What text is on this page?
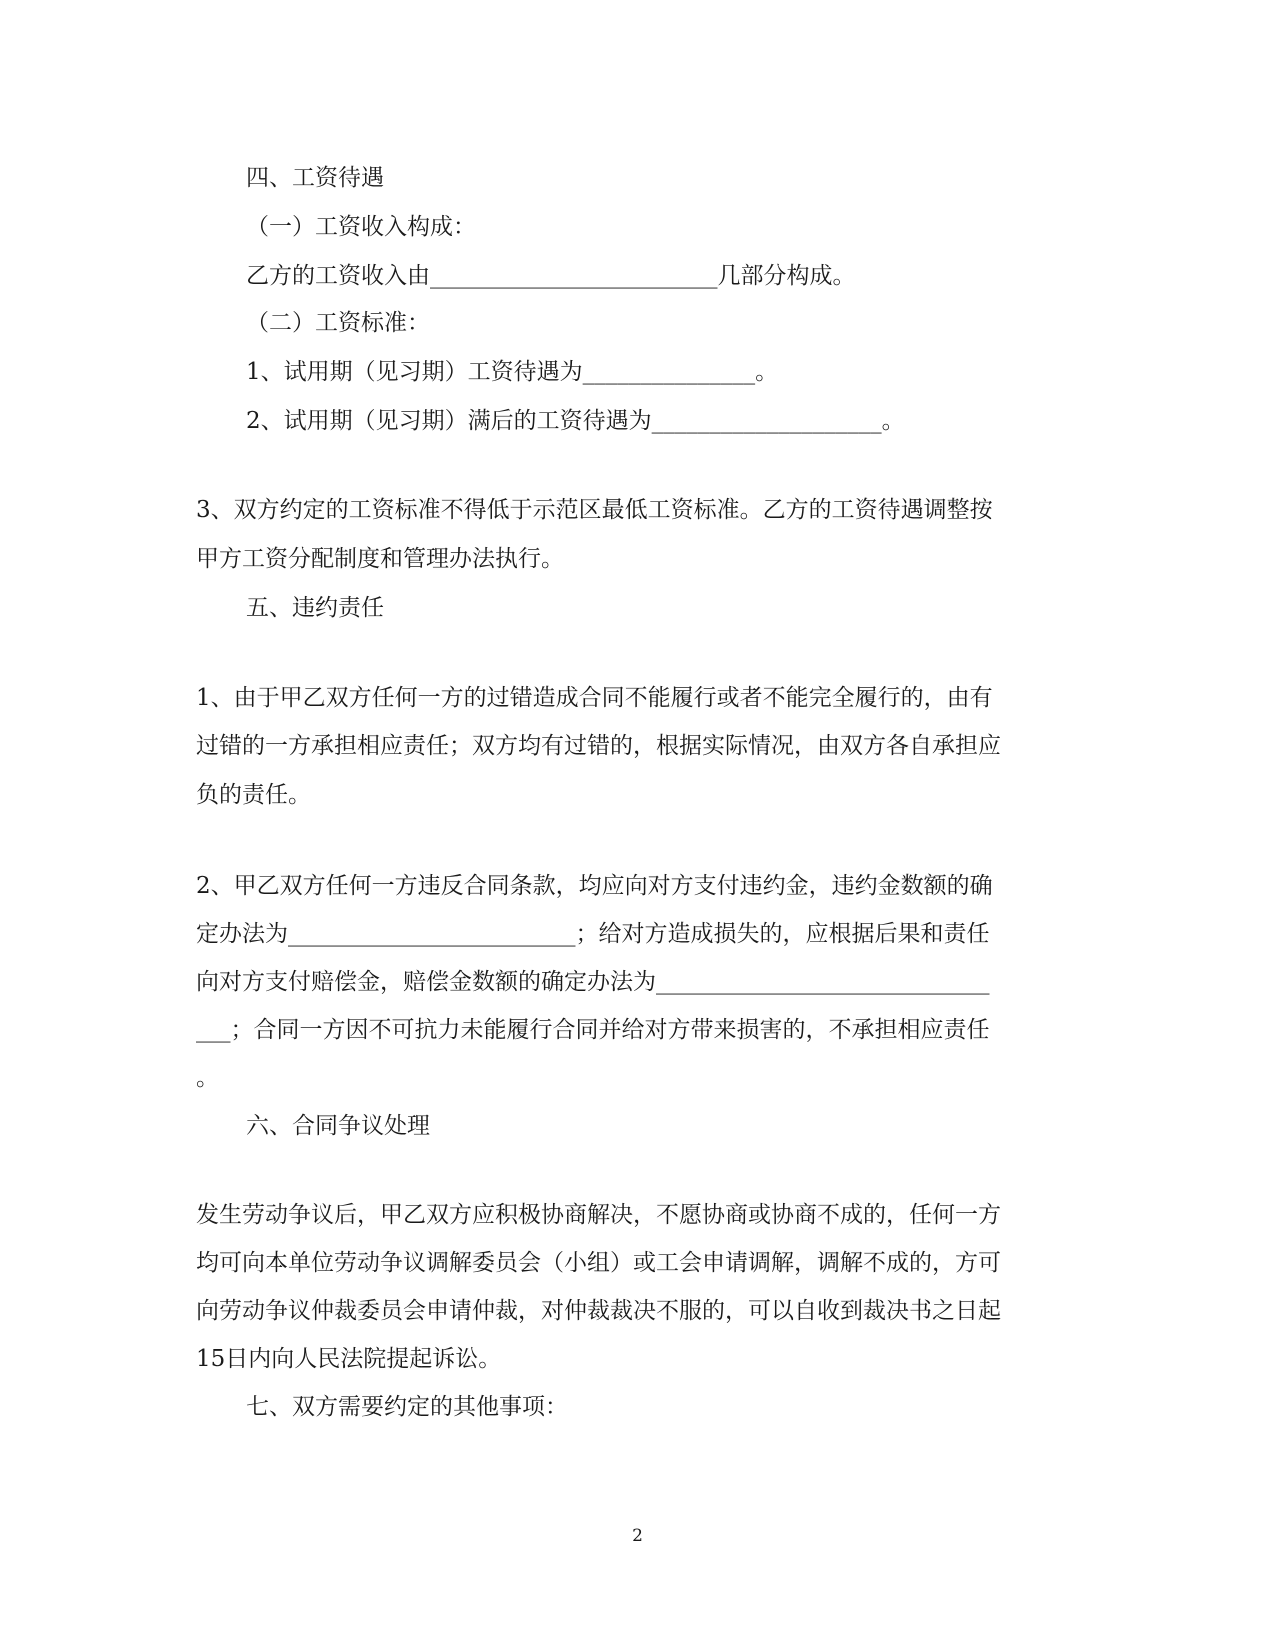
四、工资待遇
（一）工资收入构成：
乙方的工资收入由_________________________几部分构成。
（二）工资标准：
1、试用期（见习期）工资待遇为_______________。
2、试用期（见习期）满后的工资待遇为____________________。
3、双方约定的工资标准不得低于示范区最低工资标准。乙方的工资待遇调整按
甲方工资分配制度和管理办法执行。
五、违约责任
1、由于甲乙双方任何一方的过错造成合同不能履行或者不能完全履行的，由有
过错的一方承担相应责任；双方均有过错的，根据实际情况，由双方各自承担应
负的责任。
2、甲乙双方任何一方违反合同条款，均应向对方支付违约金，违约金数额的确
定办法为_________________________；给对方造成损失的，应根据后果和责任
向对方支付赔偿金，赔偿金数额的确定办法为_____________________________
___；合同一方因不可抗力未能履行合同并给对方带来损害的，不承担相应责任
。
六、合同争议处理
发生劳动争议后，甲乙双方应积极协商解决，不愿协商或协商不成的，任何一方
均可向本单位劳动争议调解委员会（小组）或工会申请调解，调解不成的，方可
向劳动争议仲裁委员会申请仲裁，对仲裁裁决不服的，可以自收到裁决书之日起
15日内向人民法院提起诉讼。
七、双方需要约定的其他事项：
2
